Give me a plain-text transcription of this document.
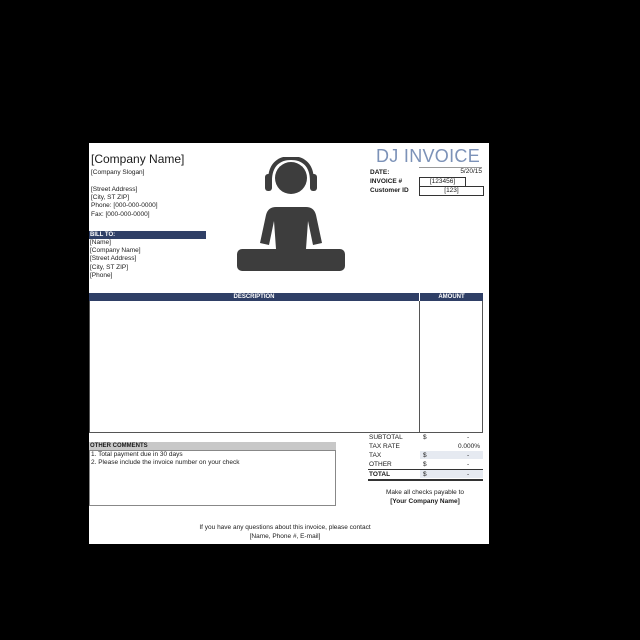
[Company Name]
[Company Slogan]
[Street Address]
[City, ST ZIP]
Phone: [000-000-0000]
Fax: [000-000-0000]
DJ INVOICE
DATE:	5/20/15
INVOICE #	[123456]
Customer ID	[123]
BILL TO:
[Name]
[Company Name]
[Street Address]
[City, ST ZIP]
[Phone]
DESCRIPTION	AMOUNT
OTHER COMMENTS
1. Total payment due in 30 days
2. Please include the invoice number on your check
SUBTOTAL	$	-
TAX RATE	0.000%
TAX	$	-
OTHER	$	-
TOTAL	$	-
Make all checks payable to
[Your Company Name]
If you have any questions about this invoice, please contact
[Name, Phone #, E-mail]
